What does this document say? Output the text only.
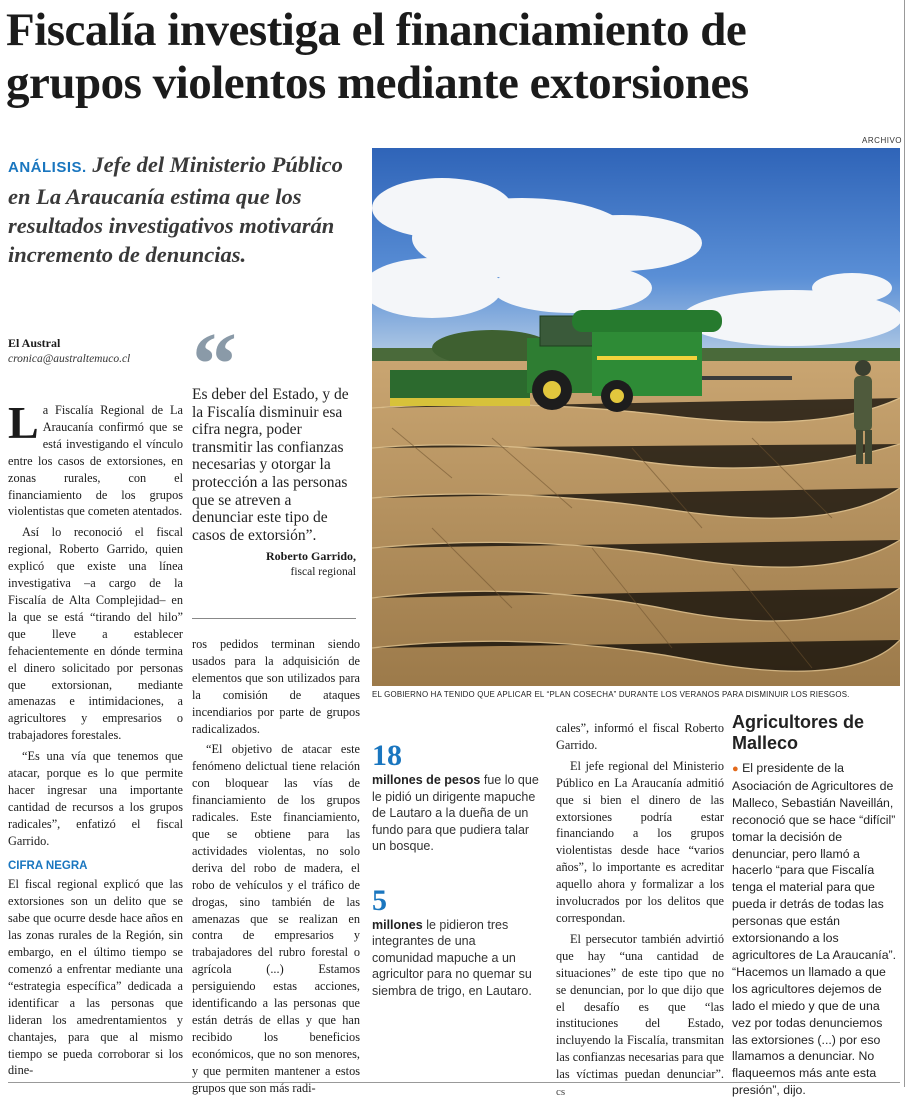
Fiscalía investiga el financiamiento de
grupos violentos mediante extorsiones
ARCHIVO

ANÁLISIS. Jefe del Ministerio Público en La Araucanía estima que los resultados investigativos motivarán incremento de denuncias.

El Austral
cronica@australtemuco.cl

La Fiscalía Regional de La Araucanía confirmó que se está investigando el vínculo entre los casos de extorsiones, en zonas rurales, con el financiamiento de los grupos violentistas que cometen atentados.

Así lo reconoció el fiscal regional, Roberto Garrido, quien explicó que existe una línea investigativa –a cargo de la Fiscalía de Alta Complejidad– en la que se está “tirando del hilo” que lleve a establecer fehacientemente en dónde termina el dinero solicitado por personas que extorsionan, mediante amenazas e intimidaciones, a agricultores y empresarios o trabajadores forestales.

“Es una vía que tenemos que atacar, porque es lo que permite hacer ingresar una importante cantidad de recursos a los grupos radicales”, enfatizó el fiscal Garrido.

CIFRA NEGRA

El fiscal regional explicó que las extorsiones son un delito que se sabe que ocurre desde hace años en las zonas rurales de la Región, sin embargo, en el último tiempo se comenzó a enfrentar mediante una “estrategia específica” dedicada a identificar a las personas que lideran los amedrentamientos y chantajes, para que al mismo tiempo se pueda corroborar si los dine-

“

Es deber del Estado, y de la Fiscalía disminuir esa cifra negra, poder transmitir las confianzas necesarias y otorgar la protección a las personas que se atreven a denunciar este tipo de casos de extorsión”.

Roberto Garrido,
fiscal regional

ros pedidos terminan siendo usados para la adquisición de elementos que son utilizados para la comisión de ataques incendiarios por parte de grupos radicalizados.

“El objetivo de atacar este fenómeno delictual tiene relación con bloquear las vías de financiamiento de los grupos radicales. Este financiamiento, que se obtiene para las actividades violentas, no solo deriva del robo de madera, el robo de vehículos y el tráfico de drogas, sino también de las amenazas que se realizan en contra de empresarios y trabajadores del rubro forestal o agrícola (...) Estamos persiguiendo estas acciones, identificando a las personas que están detrás de ellas y que han recibido los beneficios económicos, que no son menores, y que permiten mantener a estos grupos que son más radi-

EL GOBIERNO HA TENIDO QUE APLICAR EL “PLAN COSECHA” DURANTE LOS VERANOS PARA DISMINUIR LOS RIESGOS.
18
millones de pesos fue lo que le pidió un dirigente mapuche de Lautaro a la dueña de un fundo para que pudiera talar un bosque.
5
millones le pidieron tres integrantes de una comunidad mapuche a un agricultor para no quemar su siembra de trigo, en Lautaro.

cales”, informó el fiscal Roberto Garrido.

El jefe regional del Ministerio Público en La Araucanía admitió que si bien el dinero de las extorsiones podría estar financiando a los grupos violentistas desde hace “varios años”, lo importante es acreditar aquello ahora y formalizar a los involucrados por los delitos que correspondan.

El persecutor también advirtió que hay “una cantidad de situaciones” de este tipo que no se denuncian, por lo que dijo que el desafío es que “las instituciones del Estado, incluyendo la Fiscalía, transmitan las confianzas necesarias para que las víctimas puedan denunciar”. cs

Agricultores de Malleco
● El presidente de la Asociación de Agricultores de Malleco, Sebastián Naveillán, reconoció que se hace “difícil” tomar la decisión de denunciar, pero llamó a hacerlo “para que Fiscalía tenga el material para que pueda ir detrás de todas las personas que están extorsionando a los agricultores de La Araucanía”. “Hacemos un llamado a que los agricultores dejemos de lado el miedo y que de una vez por todas denunciemos las extorsiones (...) por eso llamamos a denunciar. No flaqueemos más ante esta presión”, dijo.
